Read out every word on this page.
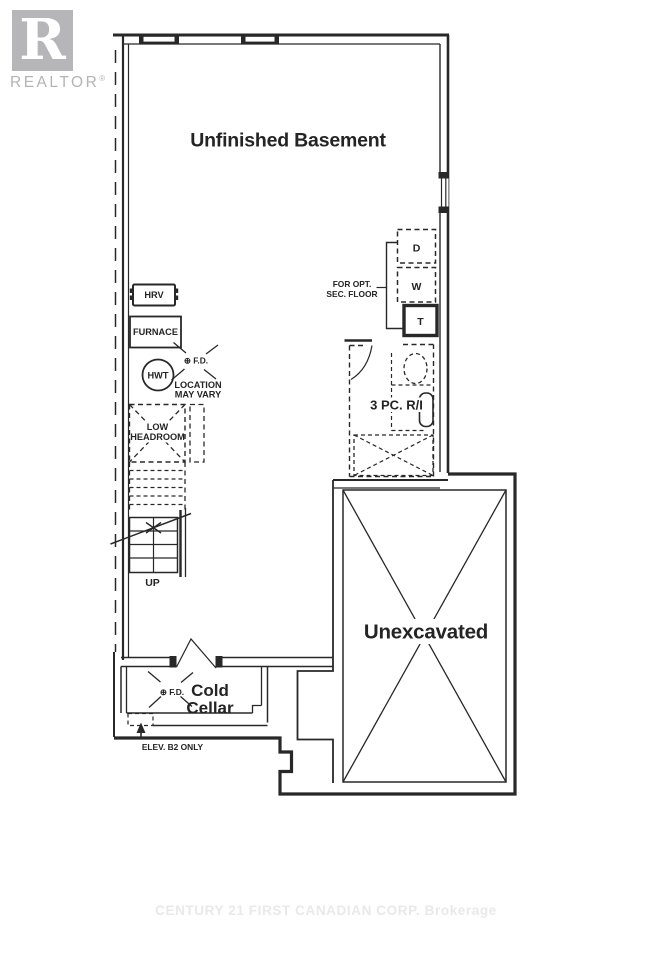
R
REALTOR®
Unfinished Basement
HRV
FURNACE
HWT
⊕ F.D.
LOCATION
MAY VARY
LOW
HEADROOM
UP
FOR OPT.
SEC. FLOOR
D
W
T
3 PC. R/I
Unexcavated
⊕ F.D. Cold
Cellar
ELEV. B2 ONLY
CENTURY 21 FIRST CANADIAN CORP. Brokerage
